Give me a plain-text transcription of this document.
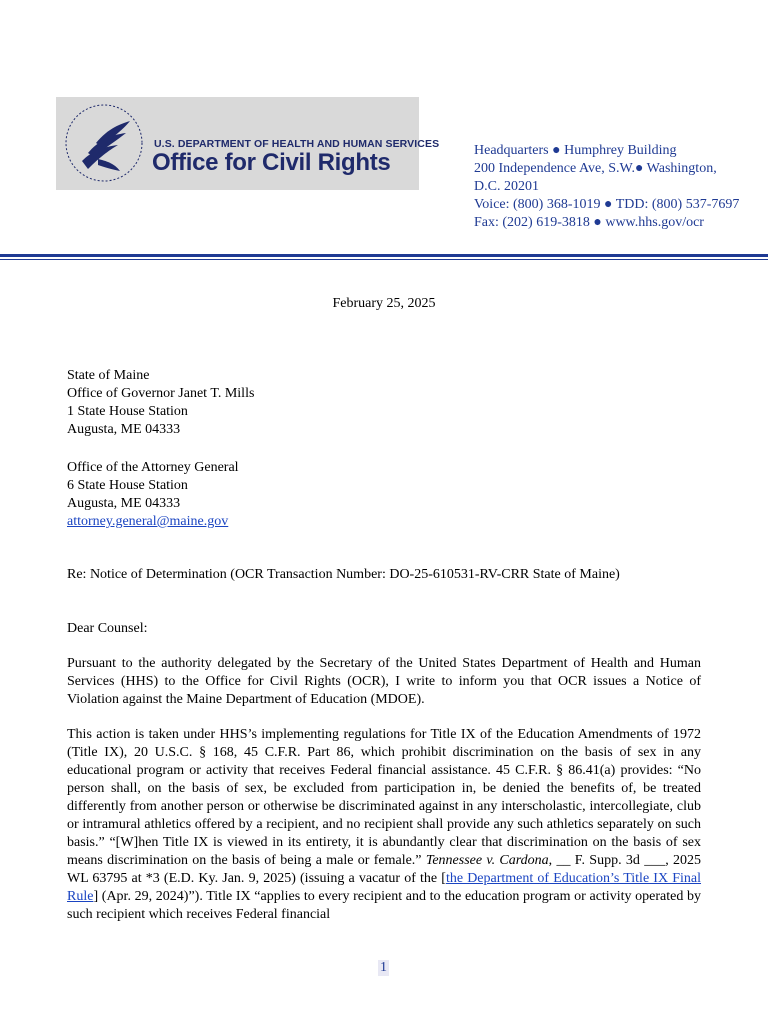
U.S. DEPARTMENT OF HEALTH AND HUMAN SERVICES
Office for Civil Rights	Headquarters ● Humphrey Building
200 Independence Ave, S.W.● Washington,
D.C. 20201
Voice: (800) 368-1019 ● TDD: (800) 537-7697
Fax: (202) 619-3818 ● www.hhs.gov/ocr
February 25, 2025
State of Maine
Office of Governor Janet T. Mills
1 State House Station
Augusta, ME 04333
Office of the Attorney General
6 State House Station
Augusta, ME 04333
attorney.general@maine.gov
Re: Notice of Determination (OCR Transaction Number: DO-25-610531-RV-CRR State of Maine)
Dear Counsel:
Pursuant to the authority delegated by the Secretary of the United States Department of Health and Human Services (HHS) to the Office for Civil Rights (OCR), I write to inform you that OCR issues a Notice of Violation against the Maine Department of Education (MDOE).
This action is taken under HHS’s implementing regulations for Title IX of the Education Amendments of 1972 (Title IX), 20 U.S.C. § 168, 45 C.F.R. Part 86, which prohibit discrimination on the basis of sex in any educational program or activity that receives Federal financial assistance. 45 C.F.R. § 86.41(a) provides: “No person shall, on the basis of sex, be excluded from participation in, be denied the benefits of, be treated differently from another person or otherwise be discriminated against in any interscholastic, intercollegiate, club or intramural athletics offered by a recipient, and no recipient shall provide any such athletics separately on such basis.” “[W]hen Title IX is viewed in its entirety, it is abundantly clear that discrimination on the basis of sex means discrimination on the basis of being a male or female.” Tennessee v. Cardona, __ F. Supp. 3d ___, 2025 WL 63795 at *3 (E.D. Ky. Jan. 9, 2025) (issuing a vacatur of the [the Department of Education’s Title IX Final Rule] (Apr. 29, 2024)”). Title IX “applies to every recipient and to the education program or activity operated by such recipient which receives Federal financial
1
